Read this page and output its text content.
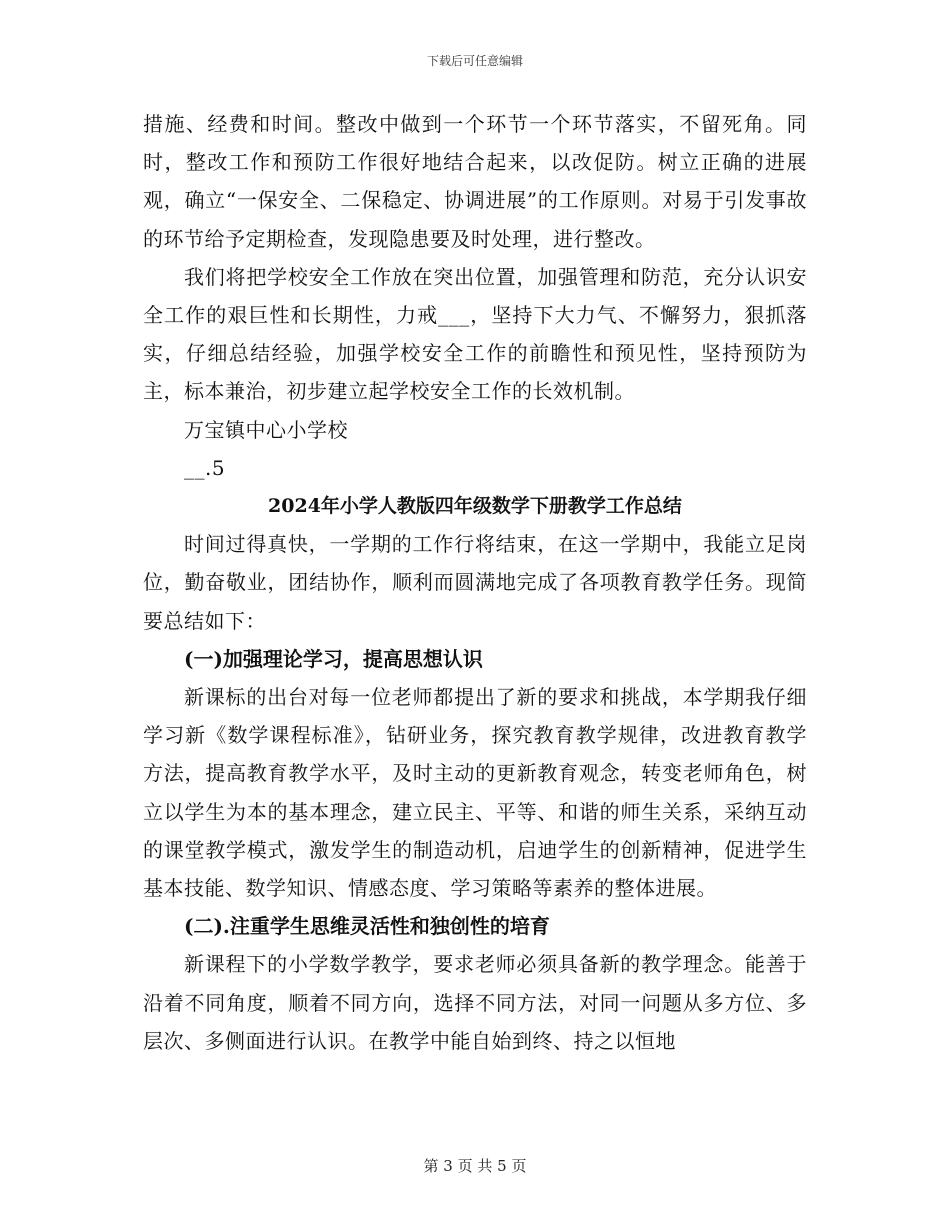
下载后可任意编辑

措施、经费和时间。整改中做到一个环节一个环节落实，不留死角。同时，整改工作和预防工作很好地结合起来，以改促防。树立正确的进展观，确立“一保安全、二保稳定、协调进展”的工作原则。对易于引发事故的环节给予定期检查，发现隐患要及时处理，进行整改。

我们将把学校安全工作放在突出位置，加强管理和防范，充分认识安全工作的艰巨性和长期性，力戒___，坚持下大力气、不懈努力，狠抓落实，仔细总结经验，加强学校安全工作的前瞻性和预见性，坚持预防为主，标本兼治，初步建立起学校安全工作的长效机制。

万宝镇中心小学校

__.5

2024年小学人教版四年级数学下册教学工作总结

时间过得真快，一学期的工作行将结束，在这一学期中，我能立足岗位，勤奋敬业，团结协作，顺利而圆满地完成了各项教育教学任务。现简要总结如下：

(一)加强理论学习，提高思想认识

新课标的出台对每一位老师都提出了新的要求和挑战，本学期我仔细学习新《数学课程标准》，钻研业务，探究教育教学规律，改进教育教学方法，提高教育教学水平，及时主动的更新教育观念，转变老师角色，树立以学生为本的基本理念，建立民主、平等、和谐的师生关系，采纳互动的课堂教学模式，激发学生的制造动机，启迪学生的创新精神，促进学生基本技能、数学知识、情感态度、学习策略等素养的整体进展。

(二).注重学生思维灵活性和独创性的培育

新课程下的小学数学教学，要求老师必须具备新的教学理念。能善于沿着不同角度，顺着不同方向，选择不同方法，对同一问题从多方位、多层次、多侧面进行认识。在教学中能自始到终、持之以恒地

第 3 页 共 5 页
